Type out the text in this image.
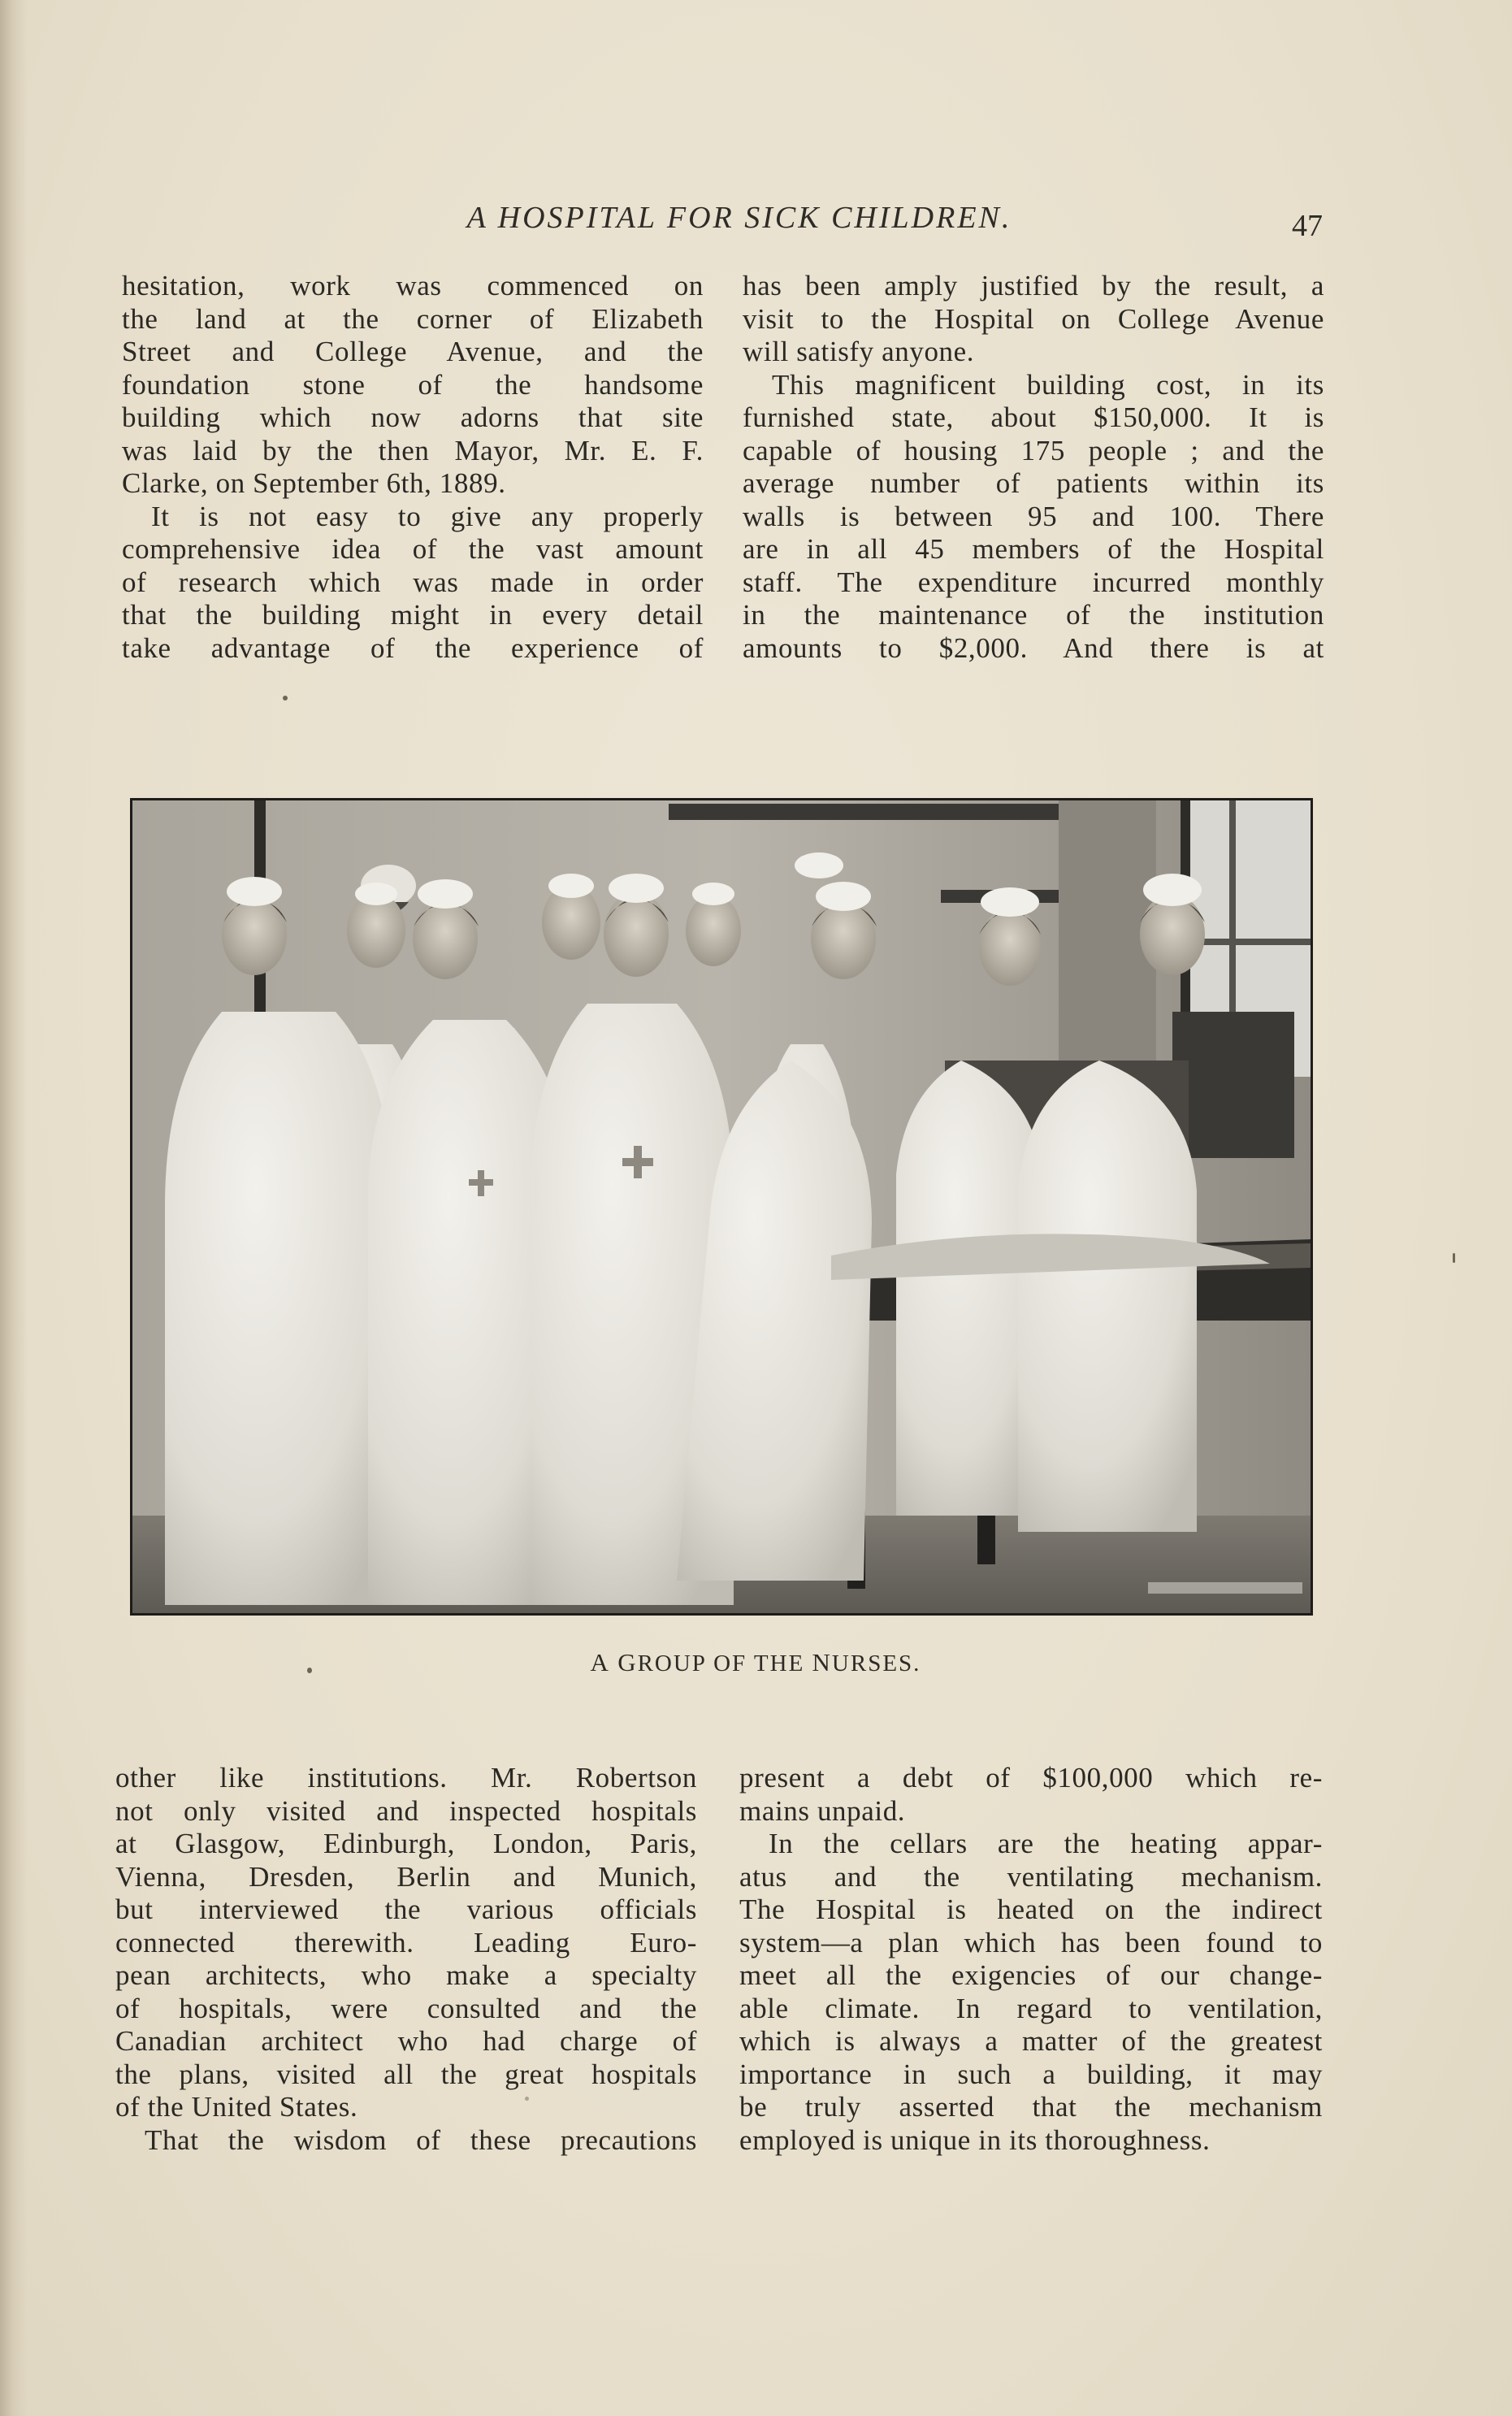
A HOSPITAL FOR SICK CHILDREN.	47
hesitation, work was commenced on
the land at the corner of Elizabeth
Street and College Avenue, and the
foundation stone of the handsome
building which now adorns that site
was laid by the then Mayor, Mr. E. F.
Clarke, on September 6th, 1889.
It is not easy to give any properly
comprehensive idea of the vast amount
of research which was made in order
that the building might in every detail
take advantage of the experience of
has been amply justified by the result, a
visit to the Hospital on College Avenue
will satisfy anyone.
This magnificent building cost, in its
furnished state, about $150,000. It is
capable of housing 175 people ; and the
average number of patients within its
walls is between 95 and 100. There
are in all 45 members of the Hospital
staff. The expenditure incurred monthly
in the maintenance of the institution
amounts to $2,000. And there is at
A GROUP OF THE NURSES.
other like institutions. Mr. Robertson
not only visited and inspected hospitals
at Glasgow, Edinburgh, London, Paris,
Vienna, Dresden, Berlin and Munich,
but interviewed the various officials
connected therewith. Leading Euro-
pean architects, who make a specialty
of hospitals, were consulted and the
Canadian architect who had charge of
the plans, visited all the great hospitals
of the United States.
That the wisdom of these precautions
present a debt of $100,000 which re-
mains unpaid.
In the cellars are the heating appar-
atus and the ventilating mechanism.
The Hospital is heated on the indirect
system—a plan which has been found to
meet all the exigencies of our change-
able climate. In regard to ventilation,
which is always a matter of the greatest
importance in such a building, it may
be truly asserted that the mechanism
employed is unique in its thoroughness.
